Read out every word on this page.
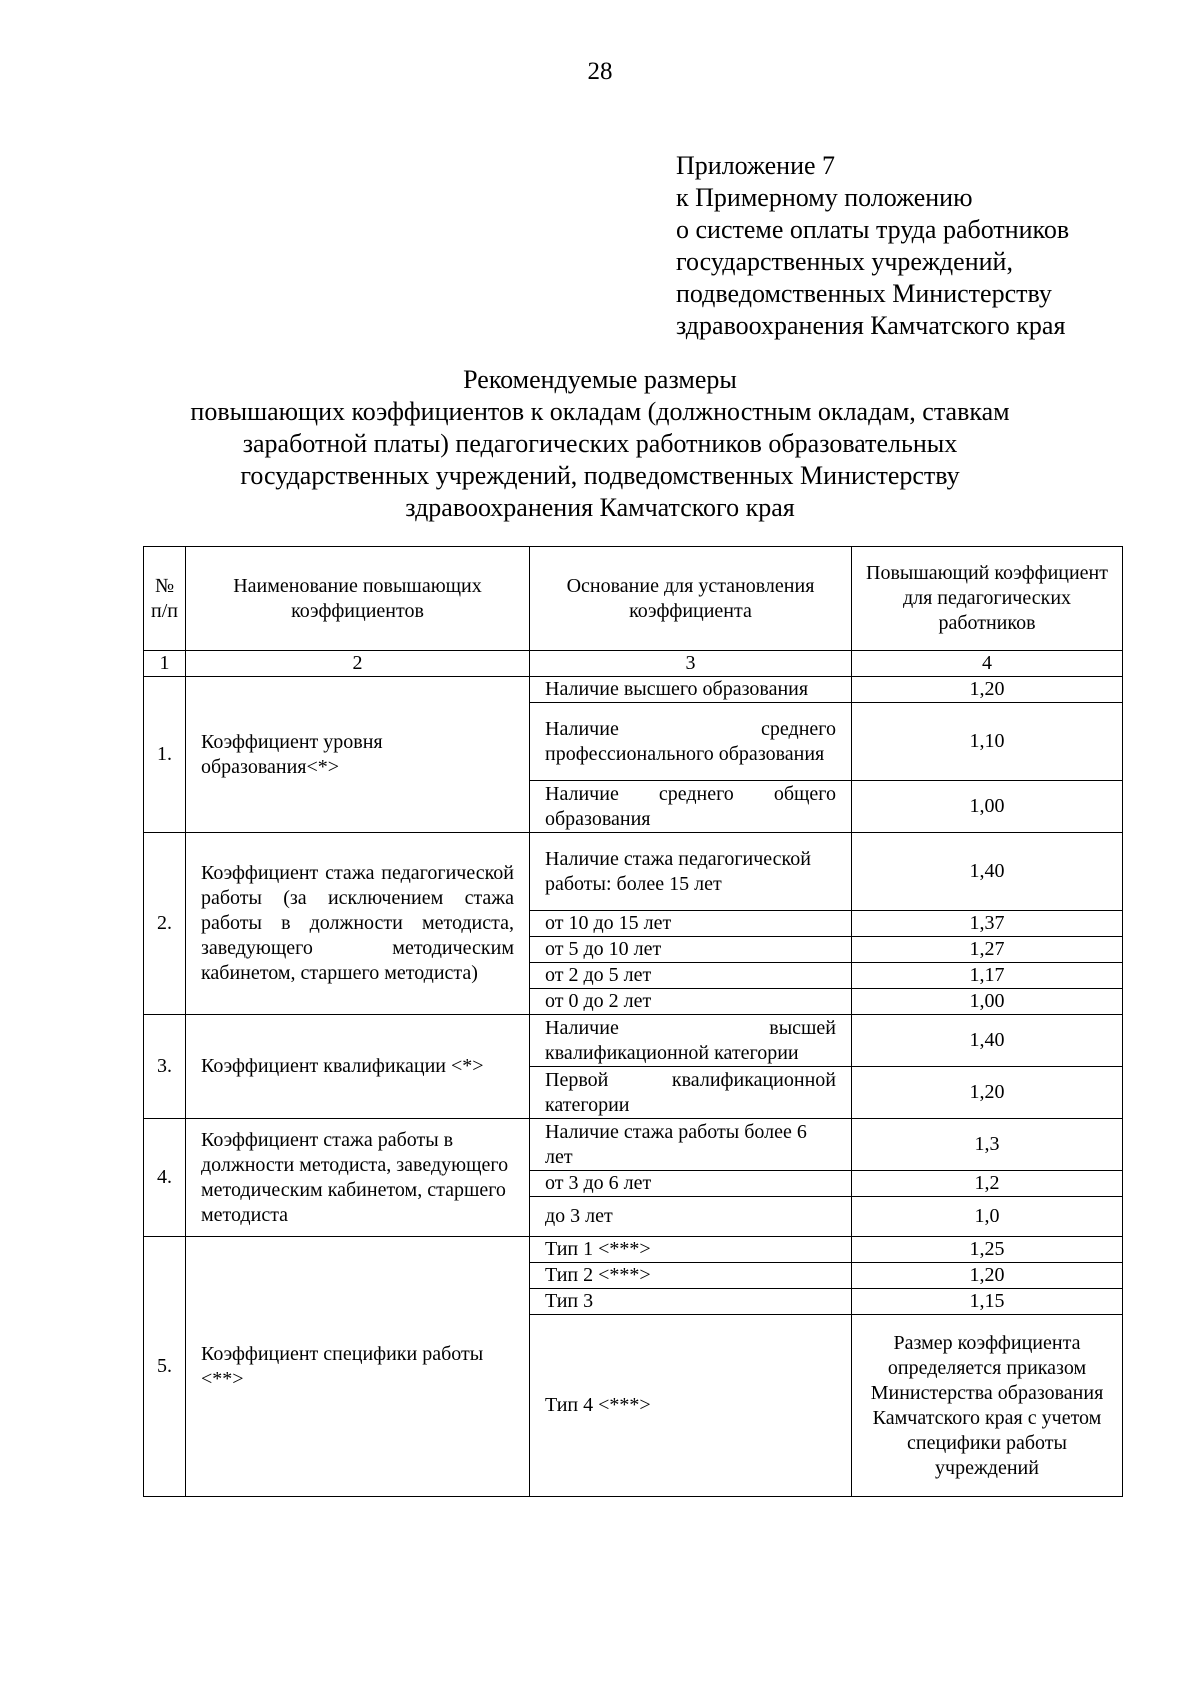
28
Приложение 7
к Примерному положению
о системе оплаты труда работников
государственных учреждений,
подведомственных Министерству
здравоохранения Камчатского края
Рекомендуемые размеры
повышающих коэффициентов к окладам (должностным окладам, ставкам
заработной платы) педагогических работников образовательных
государственных учреждений, подведомственных Министерству
здравоохранения Камчатского края
№ п/п	Наименование повышающих коэффициентов	Основание для установления коэффициента	Повышающий коэффициент для педагогических работников
1	2	3	4
1.	Коэффициент уровня образования<*>	Наличие высшего образования	1,20
		Наличие среднего профессионального образования	1,10
		Наличие среднего общего образования	1,00
2.	Коэффициент стажа педагогической работы (за исключением стажа работы в должности методиста, заведующего методическим кабинетом, старшего методиста)	Наличие стажа педагогической работы: более 15 лет	1,40
		от 10 до 15 лет	1,37
		от 5 до 10 лет	1,27
		от 2 до 5 лет	1,17
		от 0 до 2 лет	1,00
3.	Коэффициент квалификации <*>	Наличие высшей квалификационной категории	1,40
		Первой квалификационной категории	1,20
4.	Коэффициент стажа работы в должности методиста, заведующего методическим кабинетом, старшего методиста	Наличие стажа работы более 6 лет	1,3
		от 3 до 6 лет	1,2
		до 3 лет	1,0
5.	Коэффициент специфики работы <**>	Тип 1 <***>	1,25
		Тип 2 <***>	1,20
		Тип 3	1,15
		Тип 4 <***>	Размер коэффициента определяется приказом Министерства образования Камчатского края с учетом специфики работы учреждений
